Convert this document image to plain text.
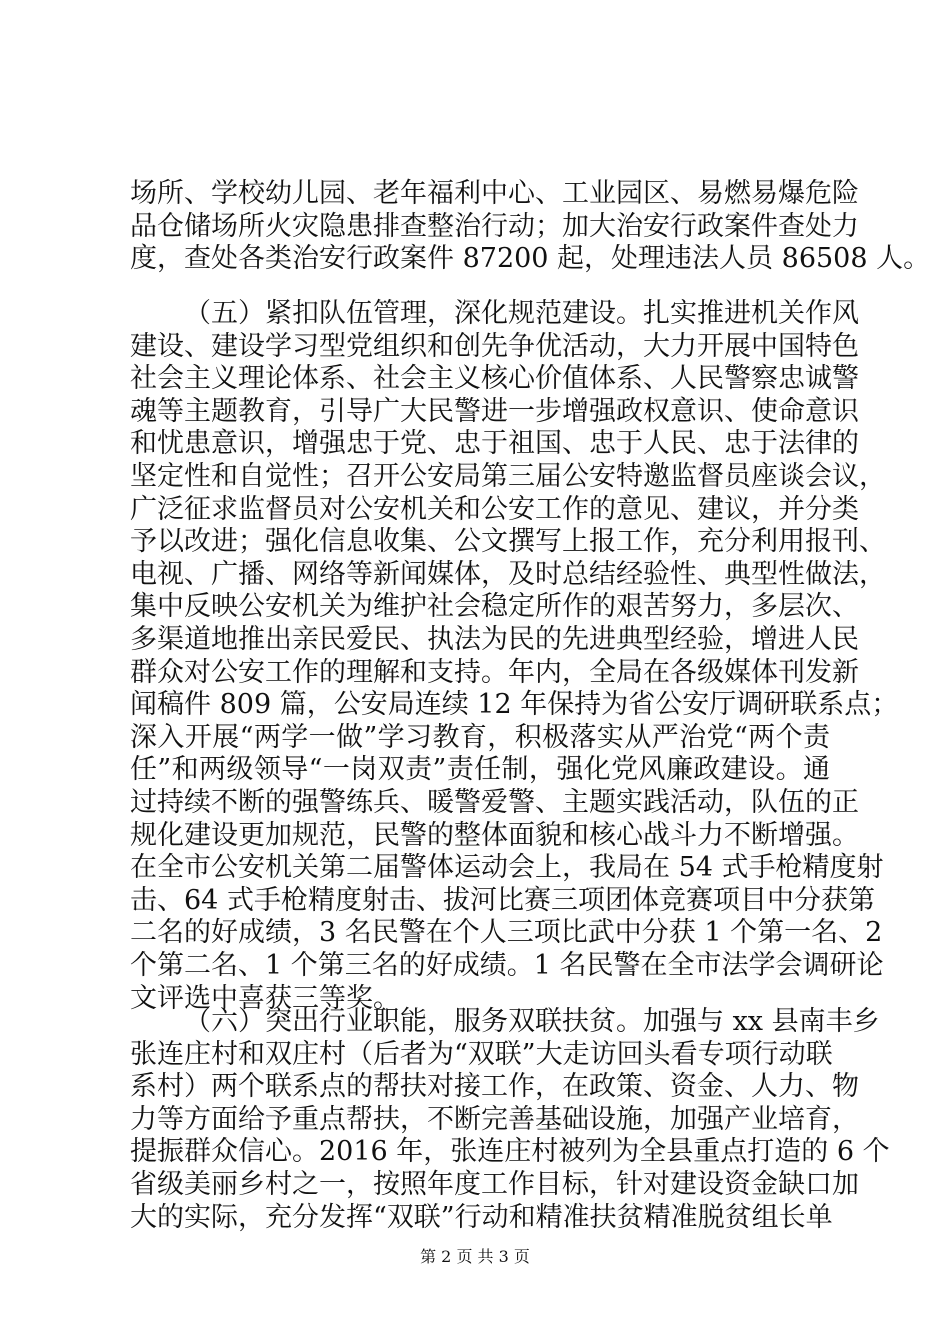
场所、学校幼儿园、老年福利中心、工业园区、易燃易爆危险
品仓储场所火灾隐患排查整治行动；加大治安行政案件查处力
度，查处各类治安行政案件 87200 起，处理违法人员 86508 人。
（五）紧扣队伍管理，深化规范建设。扎实推进机关作风
建设、建设学习型党组织和创先争优活动，大力开展中国特色
社会主义理论体系、社会主义核心价值体系、人民警察忠诚警
魂等主题教育，引导广大民警进一步增强政权意识、使命意识
和忧患意识，增强忠于党、忠于祖国、忠于人民、忠于法律的
坚定性和自觉性；召开公安局第三届公安特邀监督员座谈会议，
广泛征求监督员对公安机关和公安工作的意见、建议，并分类
予以改进；强化信息收集、公文撰写上报工作，充分利用报刊、
电视、广播、网络等新闻媒体，及时总结经验性、典型性做法，
集中反映公安机关为维护社会稳定所作的艰苦努力，多层次、
多渠道地推出亲民爱民、执法为民的先进典型经验，增进人民
群众对公安工作的理解和支持。年内，全局在各级媒体刊发新
闻稿件 809 篇，公安局连续 12 年保持为省公安厅调研联系点；
深入开展“两学一做”学习教育，积极落实从严治党“两个责
任”和两级领导“一岗双责”责任制，强化党风廉政建设。通
过持续不断的强警练兵、暖警爱警、主题实践活动，队伍的正
规化建设更加规范，民警的整体面貌和核心战斗力不断增强。
在全市公安机关第二届警体运动会上，我局在 54 式手枪精度射
击、64 式手枪精度射击、拔河比赛三项团体竞赛项目中分获第
二名的好成绩，3 名民警在个人三项比武中分获 1 个第一名、2
个第二名、1 个第三名的好成绩。1 名民警在全市法学会调研论
文评选中喜获三等奖。
（六）突出行业职能，服务双联扶贫。加强与 xx 县南丰乡
张连庄村和双庄村（后者为“双联”大走访回头看专项行动联
系村）两个联系点的帮扶对接工作，在政策、资金、人力、物
力等方面给予重点帮扶，不断完善基础设施，加强产业培育，
提振群众信心。2016 年，张连庄村被列为全县重点打造的 6 个
省级美丽乡村之一，按照年度工作目标，针对建设资金缺口加
大的实际，充分发挥“双联”行动和精准扶贫精准脱贫组长单
第 2 页 共 3 页
